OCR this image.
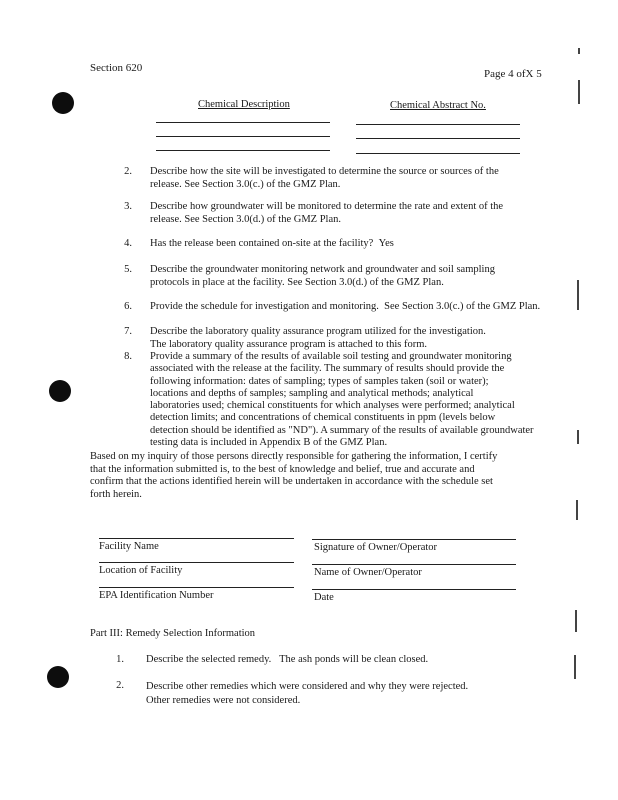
Section 620	Page 4 ofX 5
Chemical Description	Chemical Abstract No.
2. Describe how the site will be investigated to determine the source or sources of the
release. See Section 3.0(c.) of the GMZ Plan.
3. Describe how groundwater will be monitored to determine the rate and extent of the
release. See Section 3.0(d.) of the GMZ Plan.
4. Has the release been contained on-site at the facility? Yes
5. Describe the groundwater monitoring network and groundwater and soil sampling
protocols in place at the facility. See Section 3.0(d.) of the GMZ Plan.
6. Provide the schedule for investigation and monitoring. See Section 3.0(c.) of the GMZ Plan.
7. Describe the laboratory quality assurance program utilized for the investigation.
The laboratory quality assurance program is attached to this form.
8. Provide a summary of the results of available soil testing and groundwater monitoring
associated with the release at the facility. The summary of results should provide the
following information: dates of sampling; types of samples taken (soil or water);
locations and depths of samples; sampling and analytical methods; analytical
laboratories used; chemical constituents for which analyses were performed; analytical
detection limits; and concentrations of chemical constituents in ppm (levels below
detection should be identified as "ND"). A summary of the results of available groundwater
testing data is included in Appendix B of the GMZ Plan.
Based on my inquiry of those persons directly responsible for gathering the information, I certify
that the information submitted is, to the best of knowledge and belief, true and accurate and
confirm that the actions identified herein will be undertaken in accordance with the schedule set
forth herein.
Facility Name	Signature of Owner/Operator
Location of Facility	Name of Owner/Operator
EPA Identification Number	Date
Part III: Remedy Selection Information
1. Describe the selected remedy. The ash ponds will be clean closed.
2. Describe other remedies which were considered and why they were rejected.
Other remedies were not considered.
